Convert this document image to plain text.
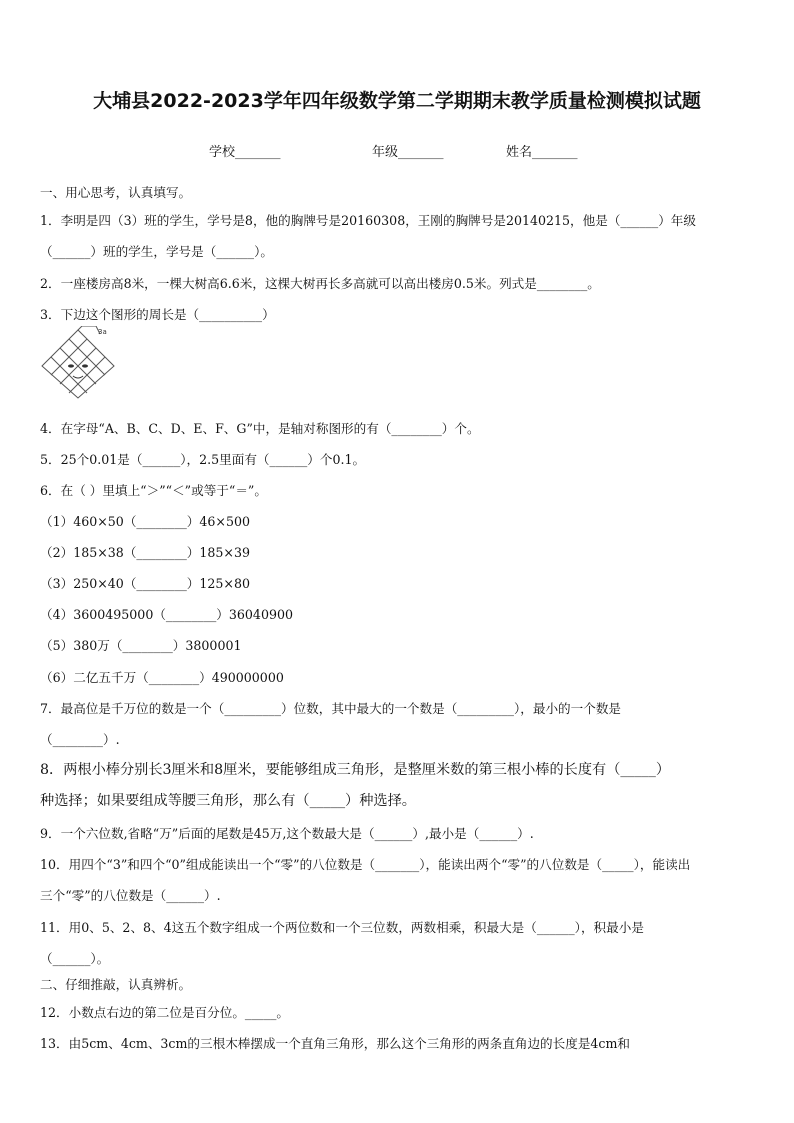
大埔县2022-2023学年四年级数学第二学期期末教学质量检测模拟试题
学校_______	年级_______	姓名_______
一、用心思考，认真填写。
1．李明是四（3）班的学生，学号是8，他的胸牌号是20160308，王刚的胸牌号是20140215，他是（______）年级
（______）班的学生，学号是（______）。
2．一座楼房高8米，一棵大树高6.6米，这棵大树再长多高就可以高出楼房0.5米。列式是________。
3．下边这个图形的周长是（__________）
3a
4．在字母“A、B、C、D、E、F、G”中，是轴对称图形的有（________）个。
5．25个0.01是（______），2.5里面有（______）个0.1。
6．在（ ）里填上“＞”“＜”或等于“＝”。
（1）460×50（________）46×500
（2）185×38（________）185×39
（3）250×40（________）125×80
（4）3600495000（________）36040900
（5）380万（________）3800001
（6）二亿五千万（________）490000000
7．最高位是千万位的数是一个（_________）位数，其中最大的一个数是（_________），最小的一个数是
（________）.
8．两根小棒分别长3厘米和8厘米，要能够组成三角形，是整厘米数的第三根小棒的长度有（_____）
种选择；如果要组成等腰三角形，那么有（_____）种选择。
9．一个六位数,省略“万”后面的尾数是45万,这个数最大是（______）,最小是（______）.
10．用四个“3”和四个“0”组成能读出一个“零”的八位数是（_______），能读出两个“零”的八位数是（_____），能读出
三个“零”的八位数是（______）.
11．用0、5、2、8、4这五个数字组成一个两位数和一个三位数，两数相乘，积最大是（______），积最小是
（______）。
二、仔细推敲，认真辨析。
12．小数点右边的第二位是百分位。_____。
13．由5cm、4cm、3cm的三根木棒摆成一个直角三角形，那么这个三角形的两条直角边的长度是4cm和
